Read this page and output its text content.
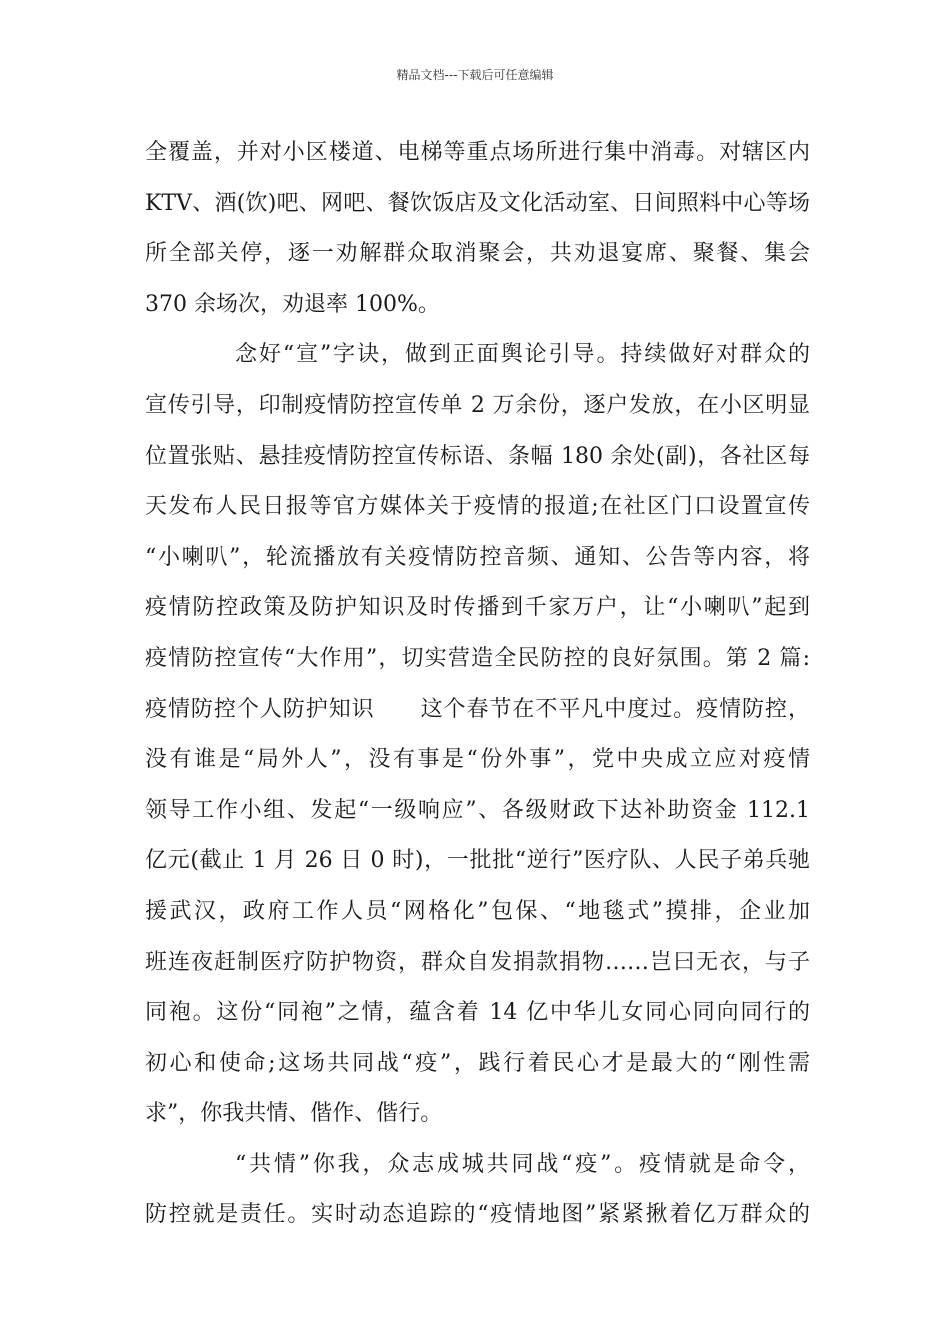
精品文档---下载后可任意编辑
全覆盖，并对小区楼道、电梯等重点场所进行集中消毒。对辖区内
KTV、酒(饮)吧、网吧、餐饮饭店及文化活动室、日间照料中心等场
所全部关停，逐一劝解群众取消聚会，共劝退宴席、聚餐、集会
370 余场次，劝退率 100%。
念好“宣”字诀，做到正面舆论引导。持续做好对群众的
宣传引导，印制疫情防控宣传单 2 万余份，逐户发放，在小区明显
位置张贴、悬挂疫情防控宣传标语、条幅 180 余处(副)，各社区每
天发布人民日报等官方媒体关于疫情的报道;在社区门口设置宣传
“小喇叭”，轮流播放有关疫情防控音频、通知、公告等内容，将
疫情防控政策及防护知识及时传播到千家万户，让“小喇叭”起到
疫情防控宣传“大作用”，切实营造全民防控的良好氛围。第 2 篇:
疫情防控个人防护知识　　这个春节在不平凡中度过。疫情防控，
没有谁是“局外人”，没有事是“份外事”，党中央成立应对疫情
领导工作小组、发起“一级响应”、各级财政下达补助资金 112.1
亿元(截止 1 月 26 日 0 时)，一批批“逆行”医疗队、人民子弟兵驰
援武汉，政府工作人员“网格化”包保、“地毯式”摸排，企业加
班连夜赶制医疗防护物资，群众自发捐款捐物……岂曰无衣，与子
同袍。这份“同袍”之情，蕴含着 14 亿中华儿女同心同向同行的
初心和使命;这场共同战“疫”，践行着民心才是最大的“刚性需
求”，你我共情、偕作、偕行。
“共情”你我，众志成城共同战“疫”。疫情就是命令，
防控就是责任。实时动态追踪的“疫情地图”紧紧揪着亿万群众的
